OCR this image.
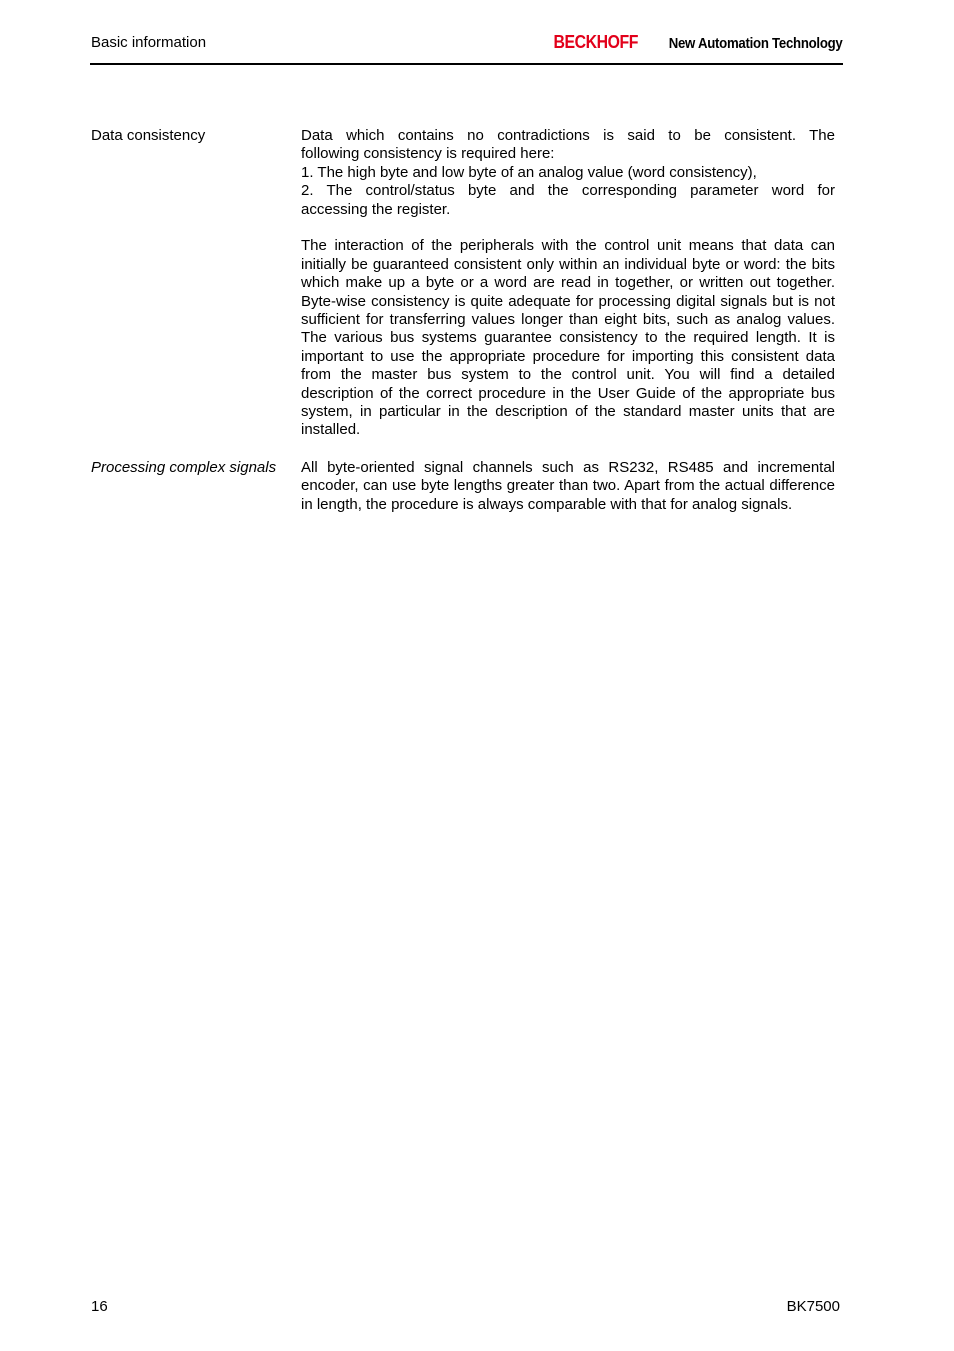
Basic information	BECKHOFF New Automation Technology
Data consistency	Data which contains no contradictions is said to be consistent. The
following consistency is required here:
1. The high byte and low byte of an analog value (word consistency),
2. The control/status byte and the corresponding parameter word for
accessing the register.

The interaction of the peripherals with the control unit means that data can initially be guaranteed consistent only within an individual byte or word: the bits which make up a byte or a word are read in together, or written out together. Byte-wise consistency is quite adequate for processing digital signals but is not sufficient for transferring values longer than eight bits, such as analog values. The various bus systems guarantee consistency to the required length. It is important to use the appropriate procedure for importing this consistent data from the master bus system to the control unit. You will find a detailed description of the correct procedure in the User Guide of the appropriate bus system, in particular in the description of the standard master units that are installed.

Processing complex signals	All byte-oriented signal channels such as RS232, RS485 and incremental encoder, can use byte lengths greater than two. Apart from the actual difference in length, the procedure is always comparable with that for analog signals.

16	BK7500
